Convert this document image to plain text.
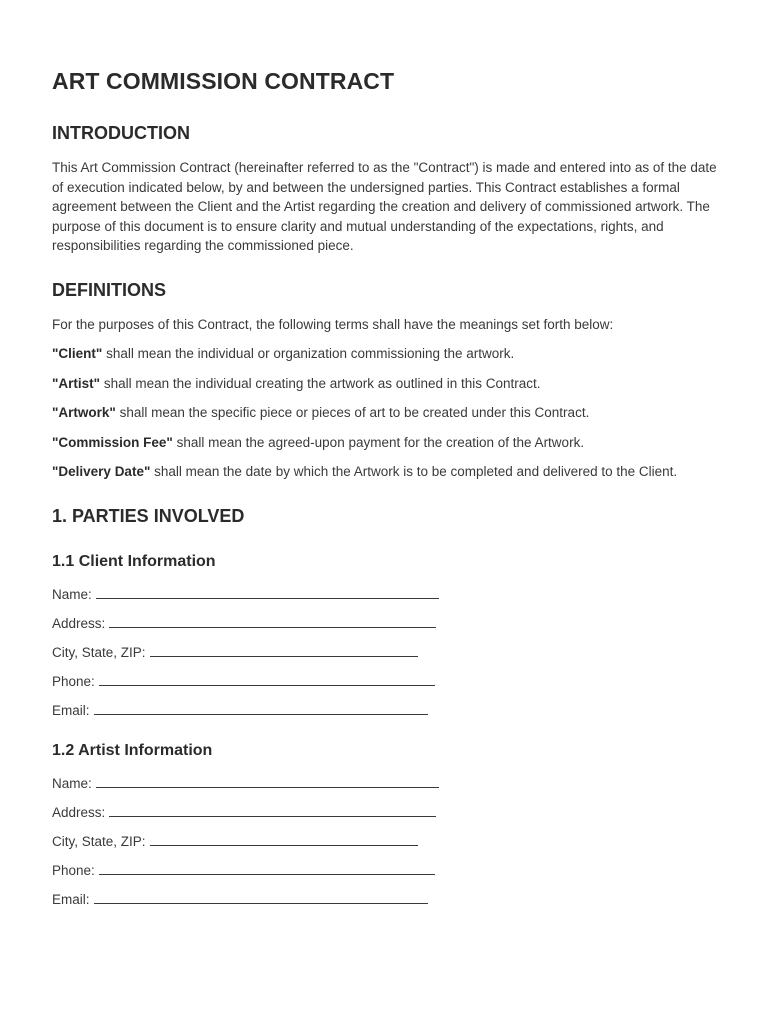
ART COMMISSION CONTRACT
INTRODUCTION

This Art Commission Contract (hereinafter referred to as the "Contract") is made and entered into as of the date of execution indicated below, by and between the undersigned parties. This Contract establishes a formal agreement between the Client and the Artist regarding the creation and delivery of commissioned artwork. The purpose of this document is to ensure clarity and mutual understanding of the expectations, rights, and responsibilities regarding the commissioned piece.

DEFINITIONS

For the purposes of this Contract, the following terms shall have the meanings set forth below:

"Client" shall mean the individual or organization commissioning the artwork.

"Artist" shall mean the individual creating the artwork as outlined in this Contract.

"Artwork" shall mean the specific piece or pieces of art to be created under this Contract.

"Commission Fee" shall mean the agreed-upon payment for the creation of the Artwork.

"Delivery Date" shall mean the date by which the Artwork is to be completed and delivered to the Client.

1. PARTIES INVOLVED
1.1 Client Information
Name:
Address:
City, State, ZIP:
Phone:
Email:
1.2 Artist Information
Name:
Address:
City, State, ZIP:
Phone:
Email:
